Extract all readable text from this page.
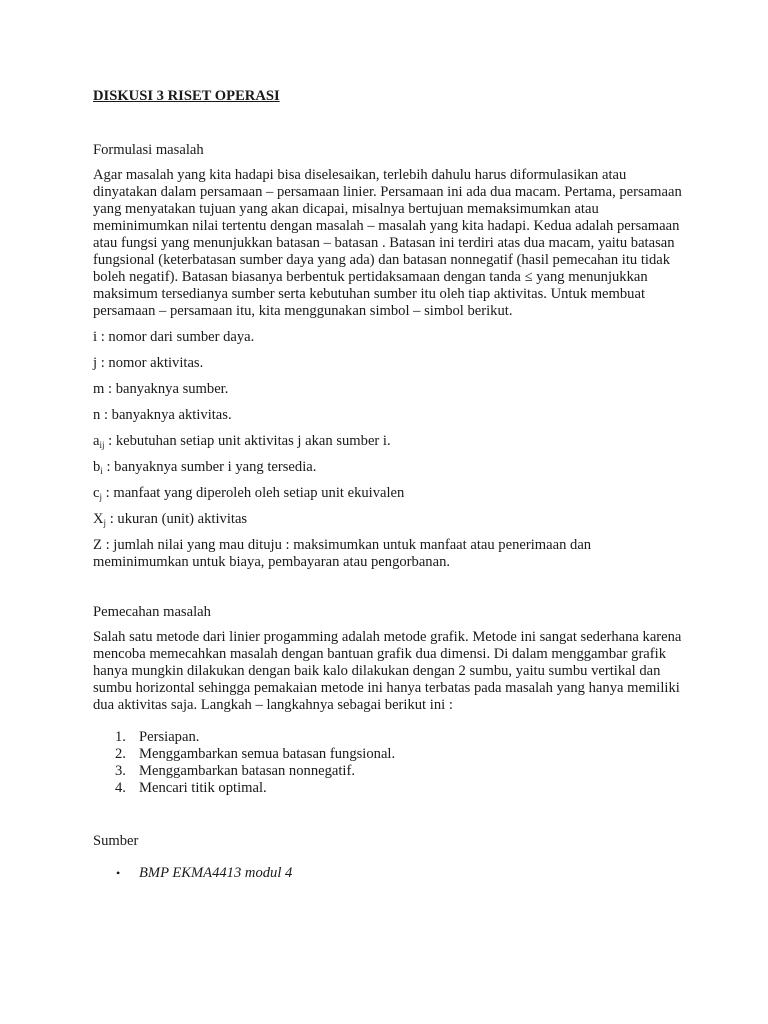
DISKUSI 3 RISET OPERASI

Formulasi masalah

Agar masalah yang kita hadapi bisa diselesaikan, terlebih dahulu harus diformulasikan atau dinyatakan dalam persamaan – persamaan linier. Persamaan ini ada dua macam. Pertama, persamaan yang menyatakan tujuan yang akan dicapai, misalnya bertujuan memaksimumkan atau meminimumkan nilai tertentu dengan masalah – masalah yang kita hadapi. Kedua adalah persamaan atau fungsi yang menunjukkan batasan – batasan . Batasan ini terdiri atas dua macam, yaitu batasan fungsional (keterbatasan sumber daya yang ada) dan batasan nonnegatif (hasil pemecahan itu tidak boleh negatif). Batasan biasanya berbentuk pertidaksamaan dengan tanda ≤ yang menunjukkan maksimum tersedianya sumber serta kebutuhan sumber itu oleh tiap aktivitas. Untuk membuat persamaan – persamaan itu, kita menggunakan simbol – simbol berikut.

i : nomor dari sumber daya.

j : nomor aktivitas.

m : banyaknya sumber.

n : banyaknya aktivitas.

$a_{ij}$ : kebutuhan setiap unit aktivitas j akan sumber i.

$b_i$ : banyaknya sumber i yang tersedia.

$c_j$ : manfaat yang diperoleh oleh setiap unit ekuivalen

$X_j$ : ukuran (unit) aktivitas

Z : jumlah nilai yang mau dituju : maksimumkan untuk manfaat atau penerimaan dan meminimumkan untuk biaya, pembayaran atau pengorbanan.

Pemecahan masalah

Salah satu metode dari linier progamming adalah metode grafik. Metode ini sangat sederhana karena mencoba memecahkan masalah dengan bantuan grafik dua dimensi. Di dalam menggambar grafik hanya mungkin dilakukan dengan baik kalo dilakukan dengan 2 sumbu, yaitu sumbu vertikal dan sumbu horizontal sehingga pemakaian metode ini hanya terbatas pada masalah yang hanya memiliki dua aktivitas saja. Langkah – langkahnya sebagai berikut ini :

1. Persiapan.
2. Menggambarkan semua batasan fungsional.
3. Menggambarkan batasan nonnegatif.
4. Mencari titik optimal.

Sumber

• BMP EKMA4413 modul 4
